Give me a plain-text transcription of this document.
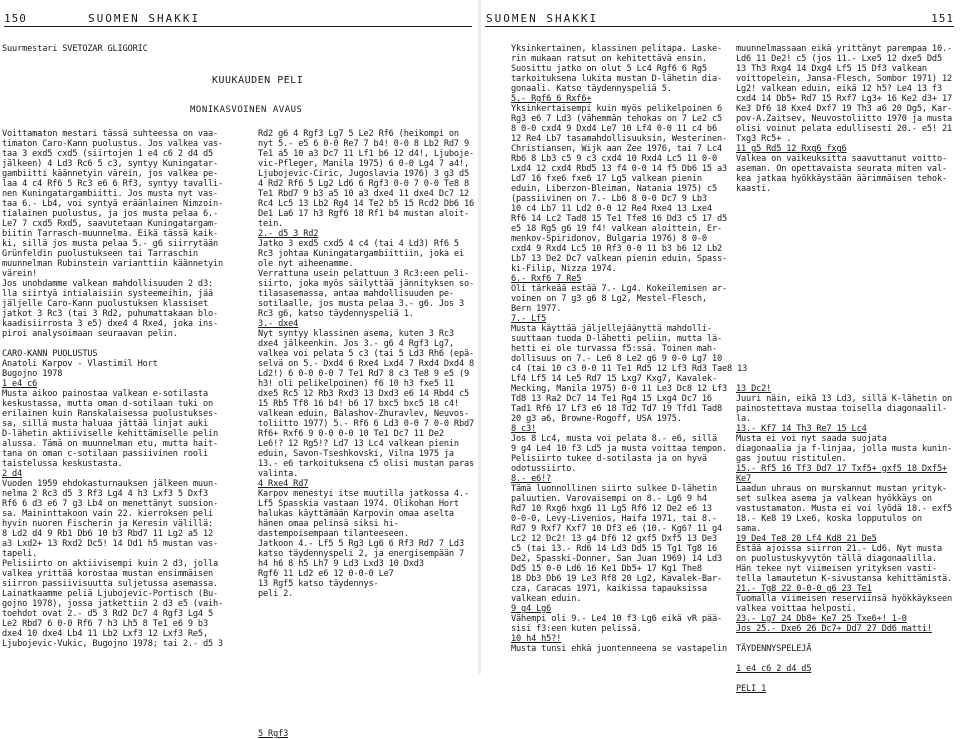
150	SUOMEN SHAKKI
Suurmestari SVETOZAR GLIGORIC
KUUKAUDEN PELI
MONIKASVOINEN AVAUS
Voittamaton mestari tässä suhteessa on vaa-
timaton Caro-Kann puolustus. Jos valkea vas-
taa 3 exd5 cxd5 (siirtojen 1 e4 c6 2 d4 d5
jälkeen) 4 Ld3 Rc6 5 c3, syntyy Kuningatar-
gambiitti käännetyin värein, jos valkea pe-
laa 4 c4 Rf6 5 Rc3 e6 6 Rf3, syntyy tavalli-
nen Kuningatargambiitti. Jos musta nyt vas-
taa 6.- Lb4, voi syntyä eräänlainen Nimzoin-
tialainen puolustus, ja jos musta pelaa 6.-
Le7 7 cxd5 Rxd5, saavutetaan Kuningatargam-
biitin Tarrasch-muunnelma. Eikä tässä kaik-
ki, sillä jos musta pelaa 5.- g6 siirrytään
Grünfeldin puolustukseen tai Tarraschin
muunnelman Rubinstein varianttiin käännetyin
värein!
Jos unohdamme valkean mahdollisuuden 2 d3:
lla siirtyä intialaisiin systeemeihin, jää
jäljelle Caro-Kann puolustuksen klassiset
jatkot 3 Rc3 (tai 3 Rd2, puhumattakaan blo-
kaadisiirrosta 3 e5) dxe4 4 Rxe4, joka ins-
piroi analysoimaan seuraavan pelin.

CARO-KANN PUOLUSTUS
Anatoli Karpov - Vlastimil Hort
Bugojno 1978
1 e4 c6
Musta aikoo painostaa valkean e-sotilasta
keskustassa, mutta oman d-sotilaan tuki on
erilainen kuin Ranskalaisessa puolustukses-
sa, sillä musta haluaa jättää linjat auki
D-lähetin aktiiviselle kehittämiselle pelin
alussa. Tämä on muunnelman etu, mutta hait-
tana on oman c-sotilaan passiivinen rooli
taistelussa keskustasta.
2 d4
Vuoden 1959 ehdokasturnauksen jälkeen muun-
nelma 2 Rc3 d5 3 Rf3 Lg4 4 h3 Lxf3 5 Dxf3
Rf6 6 d3 e6 7 g3 Lb4 on menettänyt suosion-
sa. Maininttakoon vain 22. kierroksen peli
hyvin nuoren Fischerin ja Keresin välillä:
8 Ld2 d4 9 Rb1 Db6 10 b3 Rbd7 11 Lg2 a5 12
a3 Lxd2+ 13 Rxd2 Dc5! 14 Dd1 h5 mustan vas-
tapeli.
Pelisiirto on aktiivisempi kuin 2 d3, jolla
valkea yrittää korostaa mustan ensimmäisen
siirron passiivisuutta suljetussa asemassa.
Lainatkaamme peliä Ljubojevic-Portisch (Bu-
gojno 1978), jossa jatkettiin 2 d3 e5 (vaih-
toehdot ovat 2.- d5 3 Rd2 Dc7 4 Rgf3 Lg4 5
Le2 Rbd7 6 0-0 Rf6 7 h3 Lh5 8 Te1 e6 9 b3
dxe4 10 dxe4 Lb4 11 Lb2 Lxf3 12 Lxf3 Re5,
Ljubojevic-Vukic, Bugojno 1978; tai 2.- d5 3
Rd2 g6 4 Rgf3 Lg7 5 Le2 Rf6 (heikompi on
nyt 5.- e5 6 0-0 Re7 7 b4! 0-0 8 Lb2 Rd7 9
Te1 a5 10 a3 Dc7 11 Lf1 b6 12 d4!, Ljuboje-
vic-Pfleger, Manila 1975) 6 0-0 Lg4 7 a4!,
Ljubojevic-Ciric, Jugoslavia 1976) 3 g3 d5
4 Rd2 Rf6 5 Lg2 Ld6 6 Rgf3 0-0 7 0-0 Te8 8
Te1 Rbd7 9 b3 a5 10 a3 dxe4 11 dxe4 Dc7 12
Rc4 Lc5 13 Lb2 Rg4 14 Te2 b5 15 Rcd2 Db6 16
De1 La6 17 h3 Rgf6 18 Rf1 b4 mustan aloit-
tein.
2.- d5 3 Rd2
Jatko 3 exd5 cxd5 4 c4 (tai 4 Ld3) Rf6 5
Rc3 johtaa Kuningatargambiittiin, joka ei
ole nyt aiheenamme.
Verrattuna usein pelattuun 3 Rc3:een peli-
siirto, joka myös säilyttää jännityksen so-
tilasasemassa, antaa mahdollisuuden pe-
sotilaalle, jos musta pelaa 3.- g6. Jos 3
Rc3 g6, katso täydennyspeliä 1.
3.- dxe4
Nyt syntyy klassinen asema, kuten 3 Rc3
dxe4 jälkeenkin. Jos 3.- g6 4 Rgf3 Lg7,
valkea voi pelata 5 c3 (tai 5 Ld3 Rh6 (epä-
selvä on 5.- Dxd4 6 Rxe4 Lxd4 7 Rxd4 Dxd4 8
Ld2!) 6 0-0 0-0 7 Te1 Rd7 8 c3 Te8 9 e5 (9
h3! oli pelikelpoinen) f6 10 h3 fxe5 11
dxe5 Rc5 12 Rb3 Rxd3 13 Dxd3 e6 14 Rbd4 c5
15 Rb5 Tf8 16 b4! b6 17 bxc5 bxc5 18 c4!
valkean eduin, Balashov-Zhuravlev, Neuvos-
toliitto 1977) 5.- Rf6 6 Ld3 0-0 7 0-0 Rbd7
Rf6+ Rxf6 9 0-0 0-0 10 Te1 Dc7 11 De2
Le6!? 12 Rg5!? Ld7 13 Lc4 valkean pienin
eduin, Savon-Tseshkovski, Vilna 1975 ja
13.- e6 tarkoituksena c5 olisi mustan paras
valinta.
4 Rxe4 Rd7
Karpov menestyi itse muutilla jatkossa 4.-
Lf5 Spasskia vastaan 1974. Olikohan Hort
halukas käyttämään Karpovin omaa aselta
hänen omaa pelinsä siksi hi-
dastempoisempaan tilanteeseen.
Jatkoon 4.- Lf5 5 Rg3 Lg6 6 Rf3 Rd7 7 Ld3
katso täydennyspeli 2, ja energisempään 7
h4 h6 8 h5 Lh7 9 Ld3 Lxd3 10 Dxd3
Rgf6 11 Ld2 e6 12 0-0-0 Le7
13 Rgf5 katso täydennys-
peli 2.

5 Rgf3
SUOMEN SHAKKI	151
Yksinkertainen, klassinen pelitapa. Laske-
rin mukaan ratsut on kehitettävä ensin.
Suosittu jatko on olut 5 Lc4 Rgf6 6 Rg5
tarkoituksena lukita mustan D-lähetin dia-
gonaali. Katso täydennyspeliä 5.
5.- Rgf6 6 Rxf6+
Yksinkertaisempi kuin myös pelikelpoinen 6
Rg3 e6 7 Ld3 (vähemmän tehokas on 7 Le2 c5
8 0-0 cxd4 9 Dxd4 Le7 10 Lf4 0-0 11 c4 b6
12 Re4 Lb7 tasamahdollisuuksin, Westerinen-
Christiansen, Wijk aan Zee 1976, tai 7 Lc4
Rb6 8 Lb3 c5 9 c3 cxd4 10 Rxd4 Lc5 11 0-0
Lxd4 12 cxd4 Rbd5 13 f4 0-0 14 f5 Db6 15 a3
Ld7 16 fxe6 fxe6 17 Lg5 valkean pienin
eduin, Liberzon-Bleiman, Natania 1975) c5
(passiivinen on 7.- Lb6 8 0-0 Dc7 9 Lb3
10 c4 Lb7 11 Ld2 0-0 12 Re4 Rxe4 13 Lxe4
Rf6 14 Lc2 Tad8 15 Te1 Tfe8 16 Dd3 c5 17 d5
e5 18 Rg5 g6 19 f4! valkean aloittein, Er-
menkov-Spiridonov, Bulgaria 1976) 8 0-0
cxd4 9 Rxd4 Lc5 10 Rf3 0-0 11 b3 b6 12 Lb2
Lb7 13 De2 Dc7 valkean pienin eduin, Spass-
ki-Filip, Nizza 1974.
6.- Rxf6 7 Re5
Oli tärkeää estää 7.- Lg4. Kokeilemisen ar-
voinen on 7 g3 g6 8 Lg2, Mestel-Flesch,
Bern 1977.
7.- Lf5
Musta käyttää jäljellejäänyttä mahdolli-
suuttaan tuoda D-lähetti peliin, mutta lä-
hetti ei ole turvassa f5:ssä. Toinen mah-
dollisuus on 7.- Le6 8 Le2 g6 9 0-0 Lg7 10
c4 (tai 10 c3 0-0 11 Te1 Rd5 12 Lf3 Rd3 Tae8 13
Lf4 Lf5 14 Le5 Rd7 15 Lxg7 Kxg7, Kavalek-
Mecking, Manila 1975) 0-0 11 Le3 Dc8 12 Lf3
Td8 13 Ra2 Dc7 14 Te1 Rg4 15 Lxg4 Dc7 16
Tad1 Rf6 17 Lf3 e6 18 Td2 Td7 19 Tfd1 Tad8
20 g3 a6, Browne-Rogoff, USA 1975.
8 c3!
Jos 8 Lc4, musta voi pelata 8.- e6, sillä
9 g4 Le4 10 f3 Ld5 ja musta voittaa tempon.
Pelisiirto tukee d-sotilasta ja on hyvä
odotussiirto.
8.- e6!?
Tämä luonnollinen siirto sulkee D-lähetin
paluutien. Varovaisempi on 8.- Lg6 9 h4
Rd7 10 Rxg6 hxg6 11 Lg5 Rf6 12 De2 e6 13
0-0-0, Levy-Livenios, Haifa 1971, tai 8.-
Rd7 9 Rxf7 Kxf7 10 Df3 e6 (10.- Kg6? 11 g4
Lc2 12 Dc2! 13 g4 Df6 12 gxf5 Dxf5 13 De3
c5 (tai 13.- Rd6 14 Ld3 Dd5 15 Tg1 Tg8 16
De2, Spasski-Donner, San Juan 1969) 14 Ld3
Dd5 15 0-0 Ld6 16 Ke1 Db5+ 17 Kg1 The8
18 Db3 Db6 19 Le3 Rf8 20 Lg2, Kavalek-Bar-
cza, Caracas 1971, kaikissa tapauksissa
valkean eduin.
9 g4 Lg6
Vähempi oli 9.- Le4 10 f3 Lg6 eikä vR pää-
sisi f3:een kuten pelissä.
10 h4 h5?!
Musta tunsi ehkä juontenneena se vastapelin
muunnelmassaan eikä yrittänyt parempaa 10.-
Ld6 11 De2! c5 (jos 11.- Lxe5 12 dxe5 Dd5
13 Th3 Rxg4 14 Dxg4 Lf5 15 Df3 valkean
voittopelein, Jansa-Flesch, Sombor 1971) 12
Lg2! valkean eduin, eikä 12 h5? Le4 13 f3
cxd4 14 Db5+ Rd7 15 Rxf7 Lg3+ 16 Ke2 d3+ 17
Ke3 Df6 18 Kxe4 Dxf7 19 Th3 a6 20 Dg5, Kar-
pov-A.Zaitsev, Neuvostoliitto 1970 ja musta
olisi voinut pelata edullisesti 20.- e5! 21
Txg3 Rc5+ .
11 g5 Rd5 12 Rxg6 fxg6
Valkea on vaikeuksitta saavuttanut voitto-
aseman. On opettavaista seurata miten val-
kea jatkaa hyökkäystään äärimmäisen tehok-
kaasti.

13 Dc2!
Juuri näin, eikä 13 Ld3, sillä K-lähetin on
painostettava mustaa toisella diagonaalil-
la.
13.- Kf7 14 Th3 Re7 15 Lc4
Musta ei voi nyt saada suojata
diagonaalia ja f-linjaa, jolla musta kunin-
gas joutuu ristitulen.
15.- Rf5 16 Tf3 Dd7 17 Txf5+ gxf5 18 Dxf5+
Ke7
Laadun uhraus on murskannut mustan yrityk-
set sulkea asema ja valkean hyökkäys on
vastustamaton. Musta ei voi lyödä 18.- exf5
18.- Ke8 19 Lxe6, koska lopputulos on
sama.
19 De4 Te8 20 Lf4 Kd8 21 De5
Estää ajoissa siirron 21.- Ld6. Nyt musta
on puolustuskyvytön tällä diagonaalilla.
Hän tekee nyt viimeisen yrityksen vasti-
tella lamautetun K-sivustansa kehittämistä.
21.- Tg8 22 0-0-0 g6 23 Te1
Tuomalla viimeisen reserviinsä hyökkäykseen
valkea voittaa helposti.
23.- Lg7 24 Db8+ Ke7 25 Txe6+! 1-0
Jos 25.- Dxe6 26 Dc7+ Dd7 27 Dd6 matti!

TÄYDENNYSPELEJÄ

1 e4 c6 2 d4 d5

PELI 1
